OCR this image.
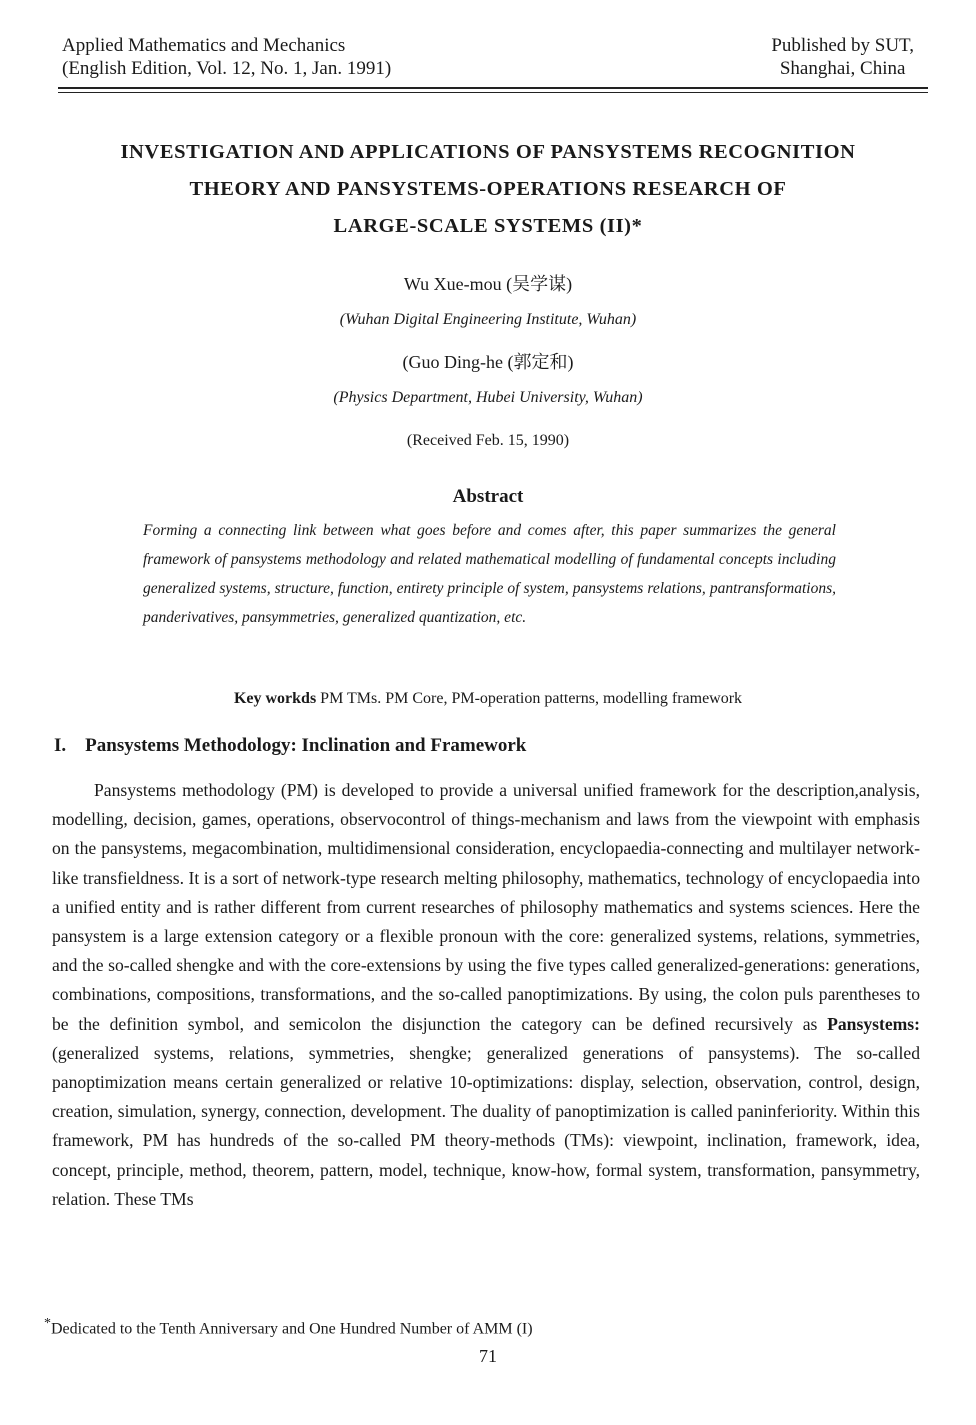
Applied Mathematics and Mechanics
(English Edition, Vol. 12, No. 1, Jan. 1991)
Published by SUT,
Shanghai, China
INVESTIGATION AND APPLICATIONS OF PANSYSTEMS RECOGNITION
THEORY AND PANSYSTEMS-OPERATIONS RESEARCH OF
LARGE-SCALE SYSTEMS (II)*
Wu Xue-mou (吴学谋)
(Wuhan Digital Engineering Institute, Wuhan)
(Guo Ding-he (郭定和)
(Physics Department, Hubei University, Wuhan)
(Received Feb. 15, 1990)
Abstract
Forming a connecting link between what goes before and comes after, this paper summarizes the general framework of pansystems methodology and related mathematical modelling of fundamental concepts including generalized systems, structure, function, entirety principle of system, pansystems relations, pantransformations, panderivatives, pansymmetries, generalized quantization, etc.
Key workds PM TMs. PM Core, PM-operation patterns, modelling framework
I. Pansystems Methodology: Inclination and Framework
Pansystems methodology (PM) is developed to provide a universal unified framework for the description,analysis, modelling, decision, games, operations, observocontrol of things-mechanism and laws from the viewpoint with emphasis on the pansystems, megacombination, multidimensional consideration, encyclopaedia-connecting and multilayer network-like transfieldness. It is a sort of network-type research melting philosophy, mathematics, technology of encyclopaedia into a unified entity and is rather different from current researches of philosophy mathematics and systems sciences. Here the pansystem is a large extension category or a flexible pronoun with the core: generalized systems, relations, symmetries, and the so-called shengke and with the core-extensions by using the five types called generalized-generations: generations, combinations, compositions, transformations, and the so-called panoptimizations. By using, the colon puls parentheses to be the definition symbol, and semicolon the disjunction the category can be defined recursively as Pansystems: (generalized systems, relations, symmetries, shengke; generalized generations of pansystems). The so-called panoptimization means certain generalized or relative 10-optimizations: display, selection, observation, control, design, creation, simulation, synergy, connection, development. The duality of panoptimization is called paninferiority. Within this framework, PM has hundreds of the so-called PM theory-methods (TMs): viewpoint, inclination, framework, idea, concept, principle, method, theorem, pattern, model, technique, know-how, formal system, transformation, pansymmetry, relation. These TMs
*Dedicated to the Tenth Anniversary and One Hundred Number of AMM (I)
71
